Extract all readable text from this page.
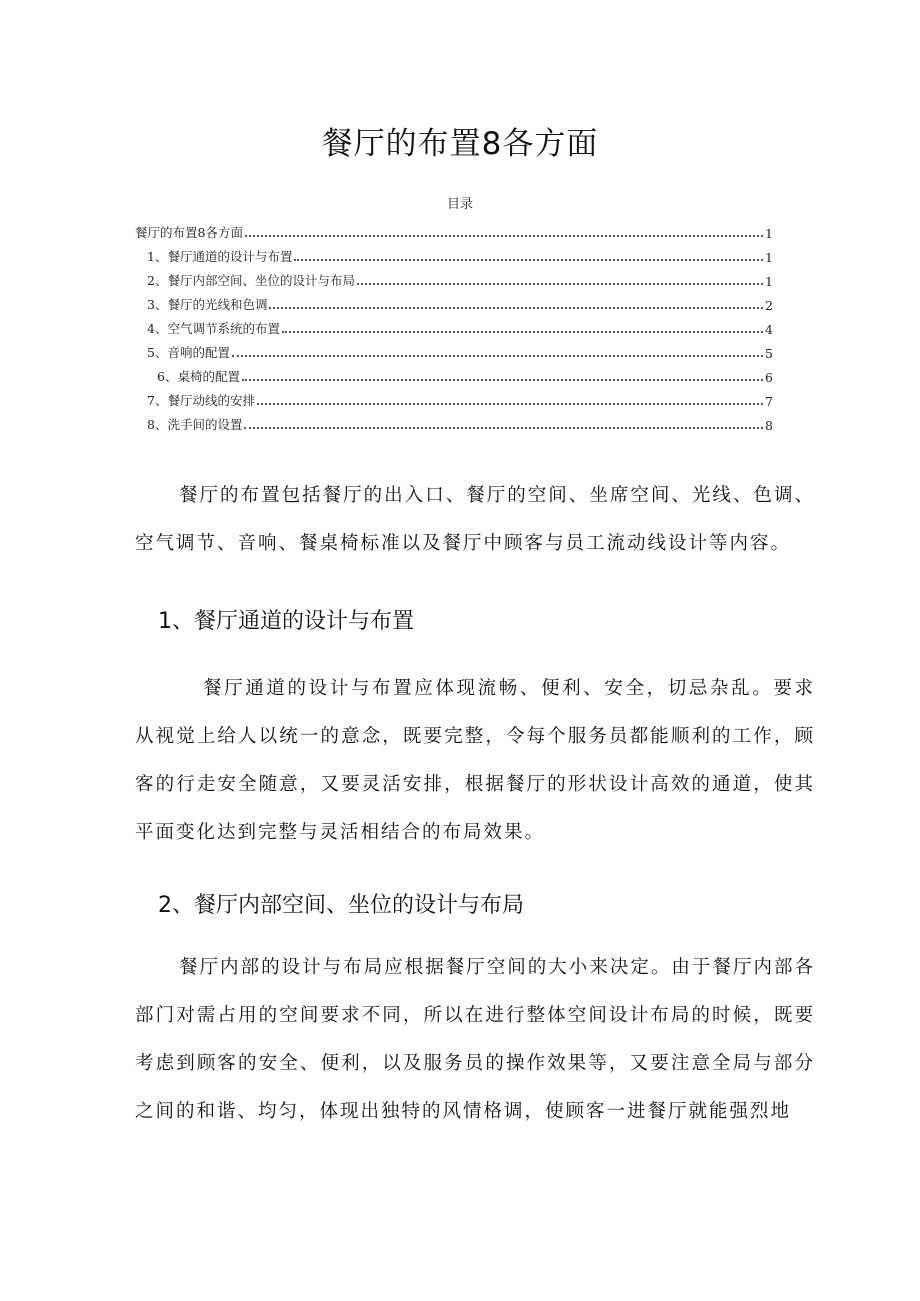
餐厅的布置8各方面
目录
餐厅的布置8各方面	1
1、餐厅通道的设计与布置	1
2、餐厅内部空间、坐位的设计与布局	1
3、餐厅的光线和色调	2
4、空气调节系统的布置	4
5、音响的配置	5
6、桌椅的配置	6
7、餐厅动线的安排	7
8、洗手间的设置	8

餐厅的布置包括餐厅的出入口、餐厅的空间、坐席空间、光线、色调、空气调节、音响、餐桌椅标准以及餐厅中顾客与员工流动线设计等内容。

1、餐厅通道的设计与布置

餐厅通道的设计与布置应体现流畅、便利、安全，切忌杂乱。要求从视觉上给人以统一的意念，既要完整，令每个服务员都能顺利的工作，顾客的行走安全随意，又要灵活安排，根据餐厅的形状设计高效的通道，使其平面变化达到完整与灵活相结合的布局效果。

2、餐厅内部空间、坐位的设计与布局

餐厅内部的设计与布局应根据餐厅空间的大小来决定。由于餐厅内部各部门对需占用的空间要求不同，所以在进行整体空间设计布局的时候，既要考虑到顾客的安全、便利，以及服务员的操作效果等，又要注意全局与部分之间的和谐、均匀，体现出独特的风情格调，使顾客一进餐厅就能强烈地
